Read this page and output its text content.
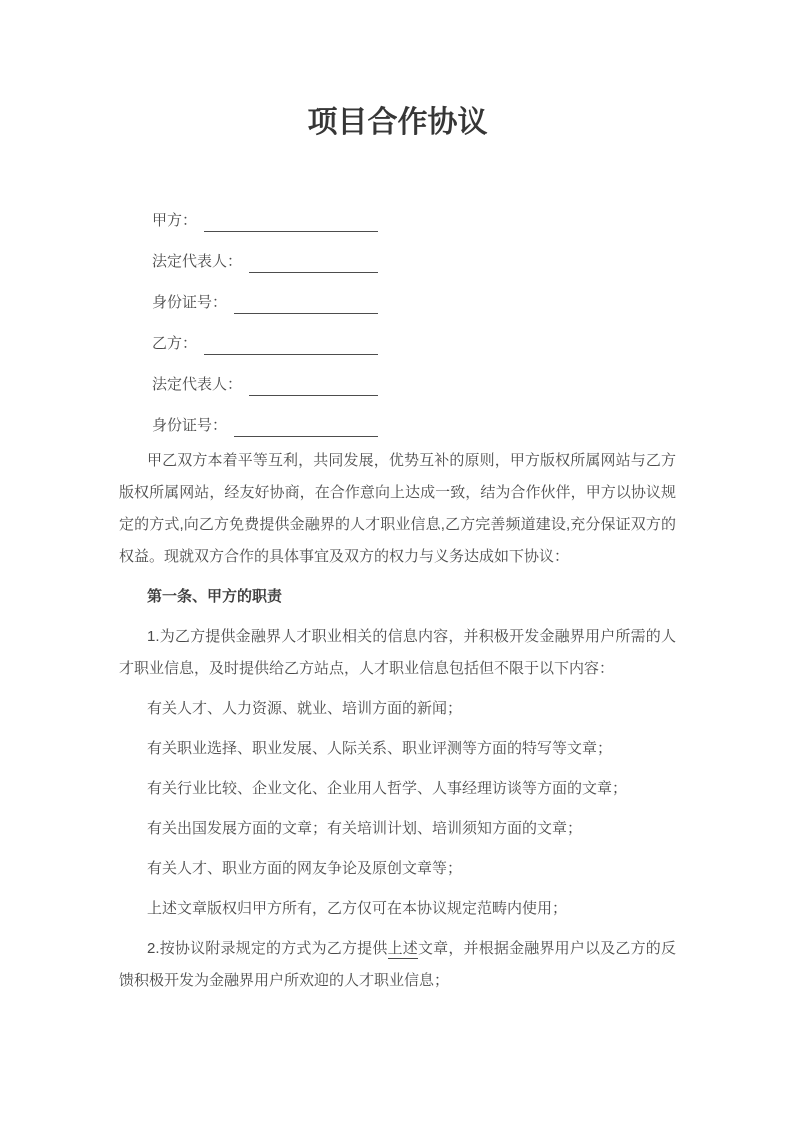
项目合作协议
甲方：
法定代表人：
身份证号：
乙方：
法定代表人：
身份证号：

甲乙双方本着平等互利，共同发展，优势互补的原则，甲方版权所属网站与乙方版权所属网站，经友好协商，在合作意向上达成一致，结为合作伙伴，甲方以协议规定的方式,向乙方免费提供金融界的人才职业信息,乙方完善频道建设,充分保证双方的权益。现就双方合作的具体事宜及双方的权力与义务达成如下协议：

第一条、甲方的职责

1.为乙方提供金融界人才职业相关的信息内容，并积极开发金融界用户所需的人才职业信息，及时提供给乙方站点，人才职业信息包括但不限于以下内容：

有关人才、人力资源、就业、培训方面的新闻；

有关职业选择、职业发展、人际关系、职业评测等方面的特写等文章；

有关行业比较、企业文化、企业用人哲学、人事经理访谈等方面的文章；

有关出国发展方面的文章；有关培训计划、培训须知方面的文章；

有关人才、职业方面的网友争论及原创文章等；

上述文章版权归甲方所有，乙方仅可在本协议规定范畴内使用；

2.按协议附录规定的方式为乙方提供上述文章，并根据金融界用户以及乙方的反馈积极开发为金融界用户所欢迎的人才职业信息；
